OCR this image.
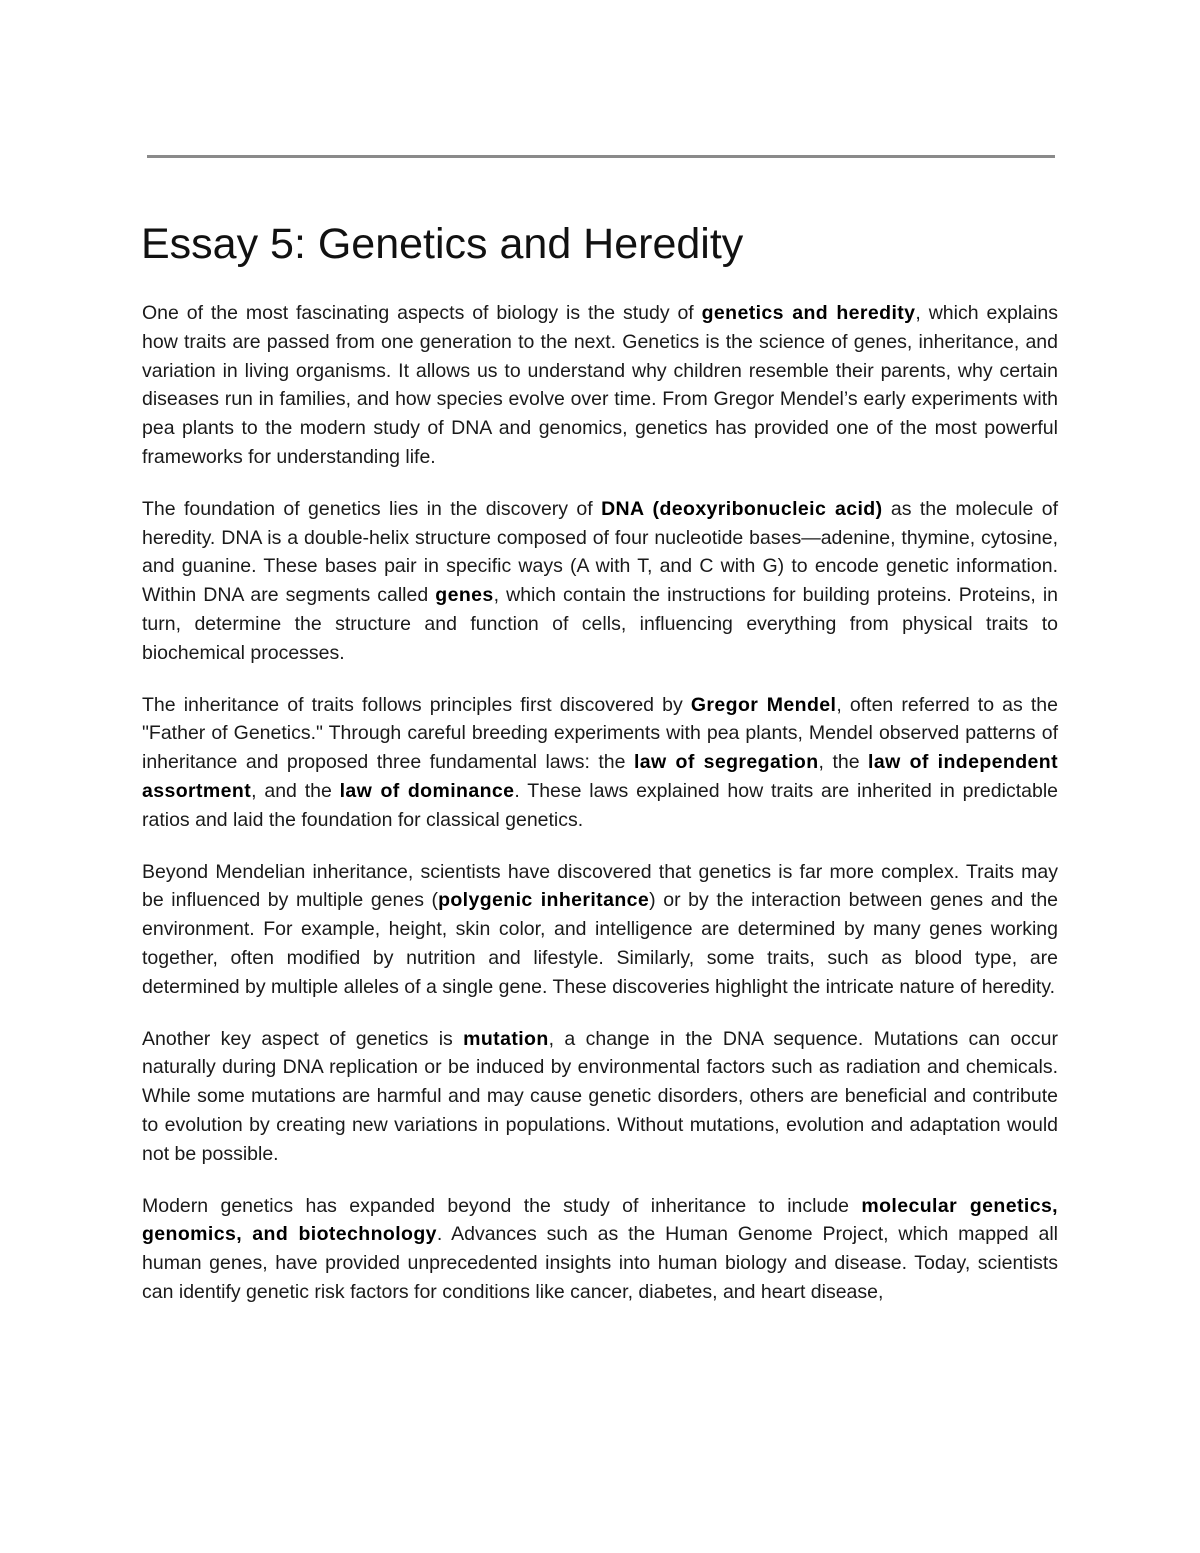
Essay 5: Genetics and Heredity

One of the most fascinating aspects of biology is the study of genetics and heredity, which explains how traits are passed from one generation to the next. Genetics is the science of genes, inheritance, and variation in living organisms. It allows us to understand why children resemble their parents, why certain diseases run in families, and how species evolve over time. From Gregor Mendel’s early experiments with pea plants to the modern study of DNA and genomics, genetics has provided one of the most powerful frameworks for understanding life.

The foundation of genetics lies in the discovery of DNA (deoxyribonucleic acid) as the molecule of heredity. DNA is a double-helix structure composed of four nucleotide bases—adenine, thymine, cytosine, and guanine. These bases pair in specific ways (A with T, and C with G) to encode genetic information. Within DNA are segments called genes, which contain the instructions for building proteins. Proteins, in turn, determine the structure and function of cells, influencing everything from physical traits to biochemical processes.

The inheritance of traits follows principles first discovered by Gregor Mendel, often referred to as the "Father of Genetics." Through careful breeding experiments with pea plants, Mendel observed patterns of inheritance and proposed three fundamental laws: the law of segregation, the law of independent assortment, and the law of dominance. These laws explained how traits are inherited in predictable ratios and laid the foundation for classical genetics.

Beyond Mendelian inheritance, scientists have discovered that genetics is far more complex. Traits may be influenced by multiple genes (polygenic inheritance) or by the interaction between genes and the environment. For example, height, skin color, and intelligence are determined by many genes working together, often modified by nutrition and lifestyle. Similarly, some traits, such as blood type, are determined by multiple alleles of a single gene. These discoveries highlight the intricate nature of heredity.

Another key aspect of genetics is mutation, a change in the DNA sequence. Mutations can occur naturally during DNA replication or be induced by environmental factors such as radiation and chemicals. While some mutations are harmful and may cause genetic disorders, others are beneficial and contribute to evolution by creating new variations in populations. Without mutations, evolution and adaptation would not be possible.

Modern genetics has expanded beyond the study of inheritance to include molecular genetics, genomics, and biotechnology. Advances such as the Human Genome Project, which mapped all human genes, have provided unprecedented insights into human biology and disease. Today, scientists can identify genetic risk factors for conditions like cancer, diabetes, and heart disease,
